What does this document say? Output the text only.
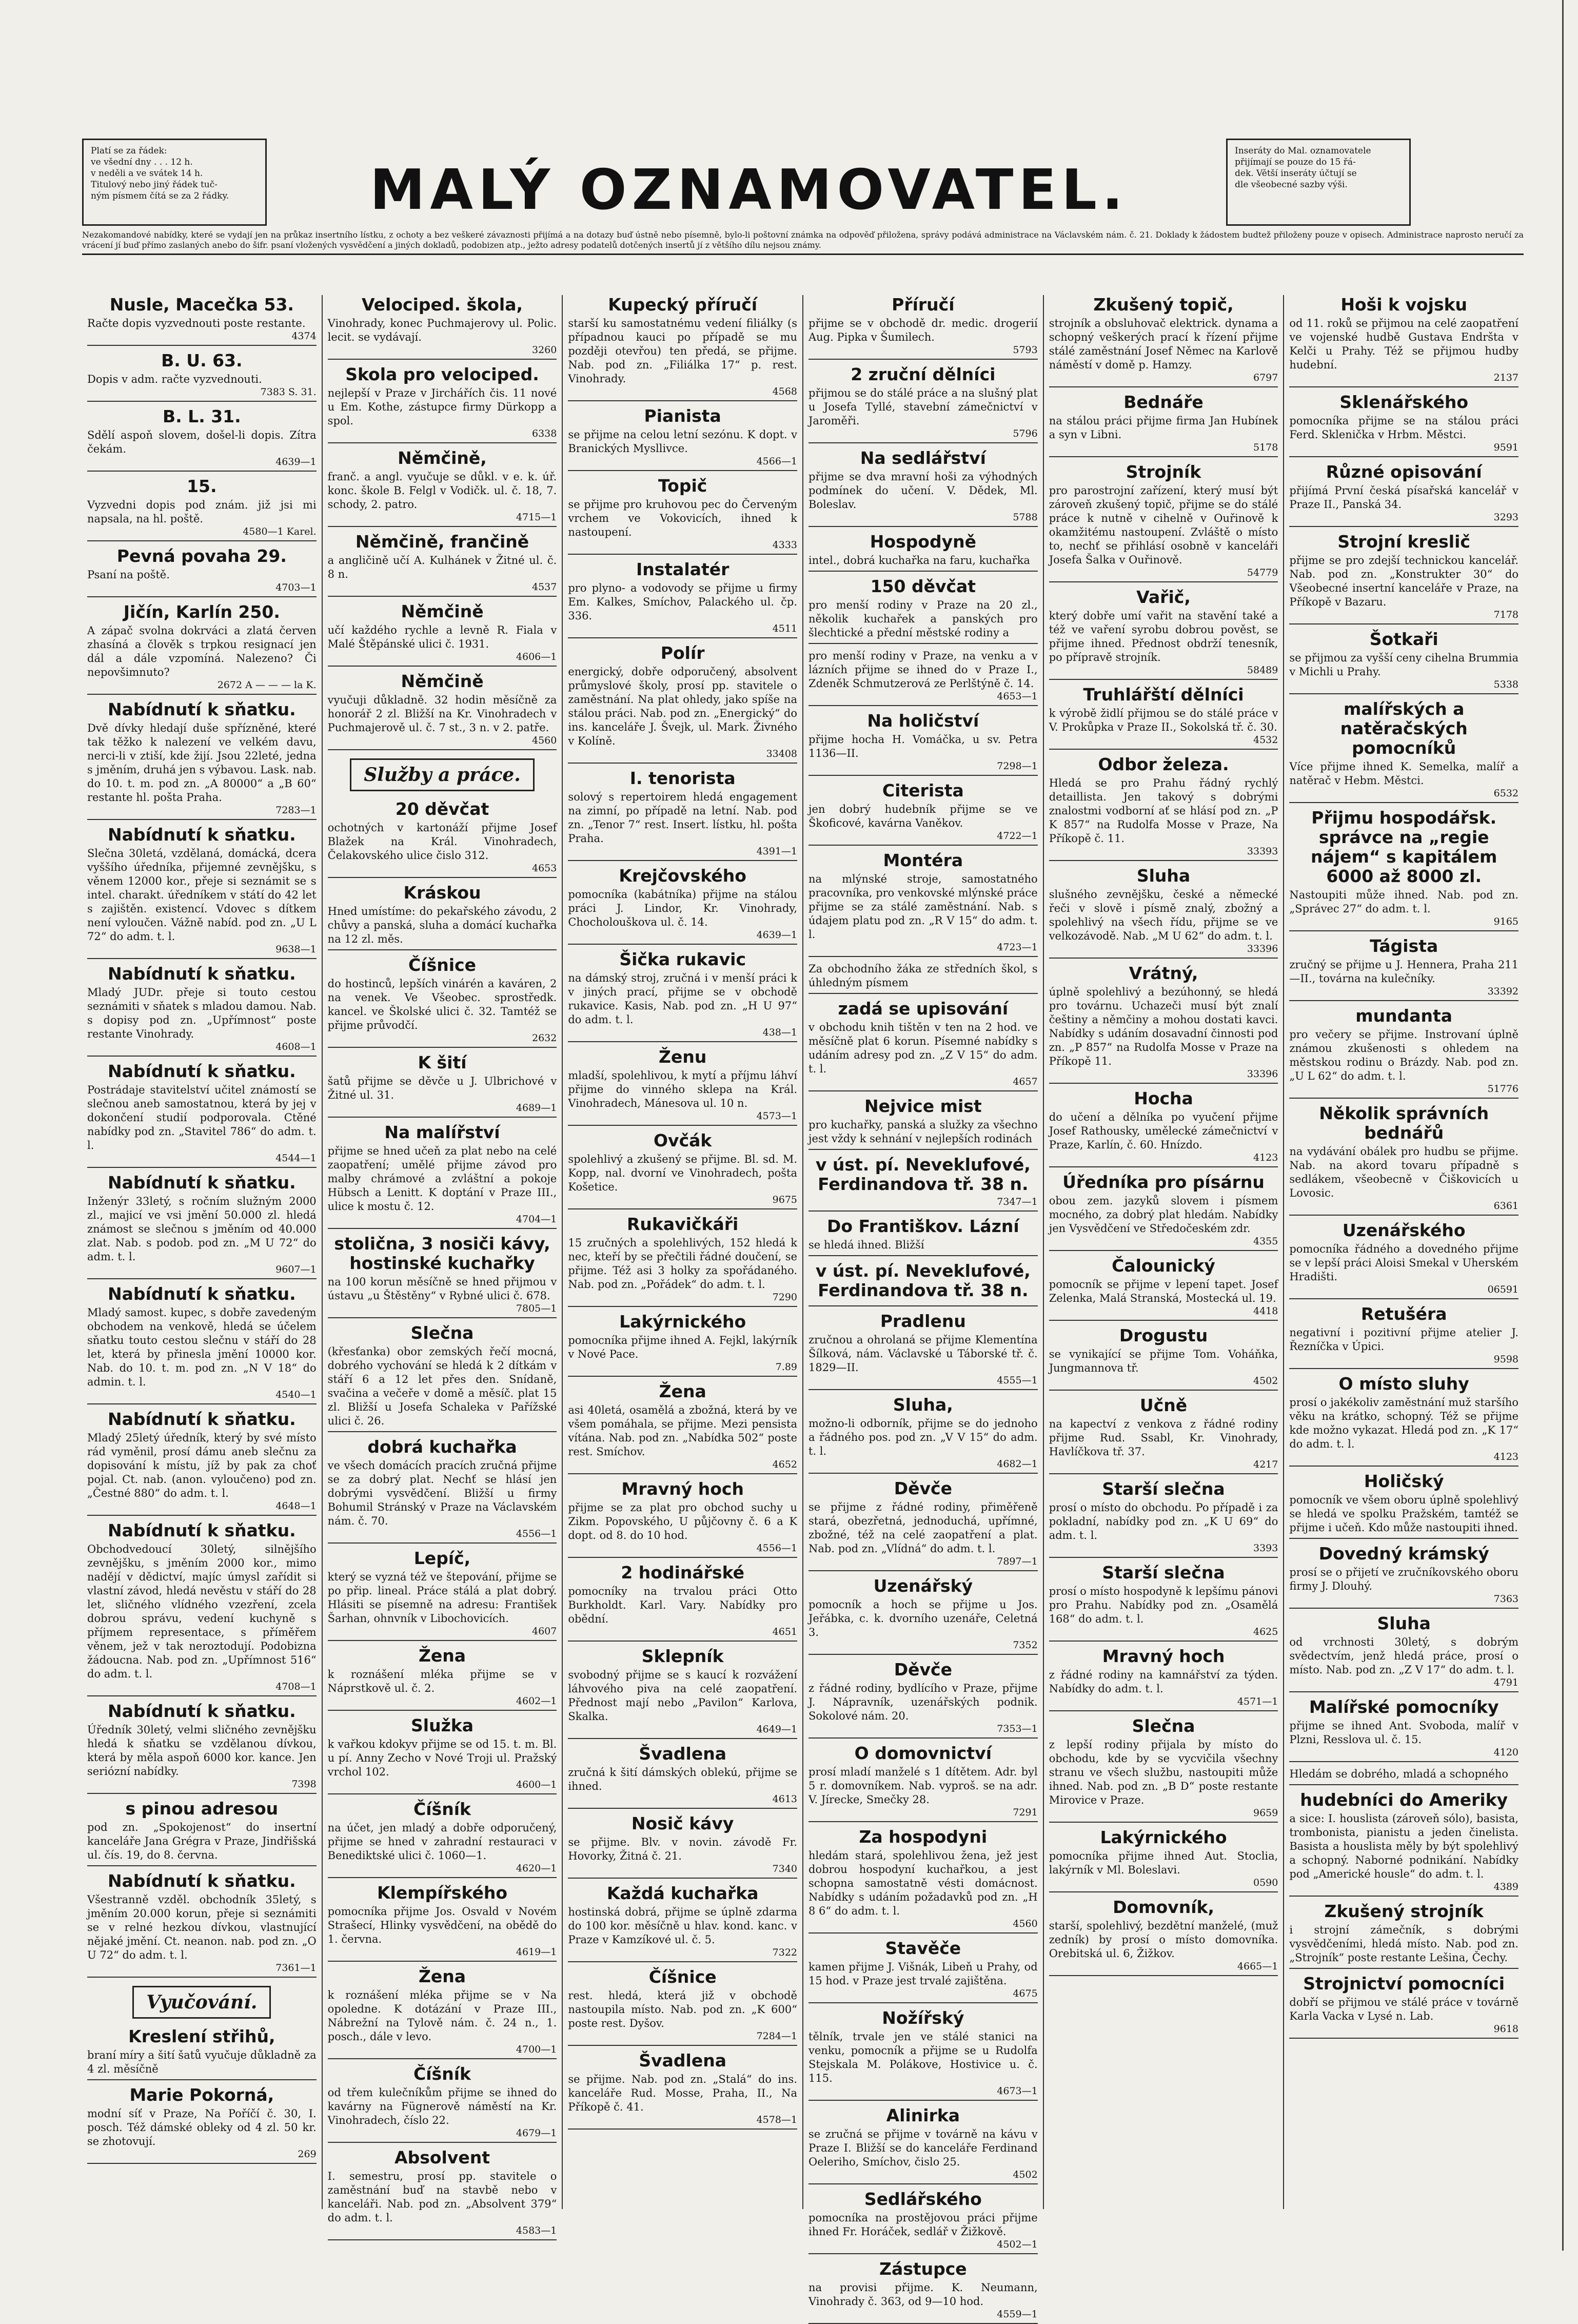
Platí se za řádek:
ve všední dny . . . 12 h.
v neděli a ve svátek 14 h.
Titulový nebo jiný řádek tuč-
ným písmem čítá se za 2 řádky.	MALÝ OZNAMOVATEL.
Inseráty do Mal. oznamovatele
přijímají se pouze do 15 řá-
dek. Větší inseráty účtují se
dle všeobecné sazby výši.
Nezakomandové nabídky, které se vydají jen na průkaz insertního lístku, z ochoty a bez veškeré závaznosti přijímá a na dotazy buď ústně nebo písemně, bylo-li poštovní známka na odpověď přiložena, správy podává administrace na Václavském nám. č. 21. Doklady k žádostem budtež přiloženy pouze v opisech. Administrace naprosto neručí za vrácení jí buď přímo zaslaných anebo do šifr. psaní vložených vysvědčení a jiných dokladů, podobizen atp., ježto adresy podatelů dotčených insertů jí z většího dílu nejsou známy.
Nusle, Macečka 53.

Račte dopis vyzvednouti poste restante.

4374
B. U. 63.

Dopis v adm. račte vyzvednouti.

7383 S. 31.
B. L. 31.

Sdělí aspoň slovem, došel-li dopis. Zítra čekám.

4639—1
15.

Vyzvedni dopis pod znám. již jsi mi napsala, na hl. poště.

4580—1 Karel.
Pevná povaha 29.

Psaní na poště.

4703—1
Jičín, Karlín 250.

A zápač svolna dokrváci a zlatá červen zhasíná a člověk s trpkou resignací jen dál a dále vzpomíná. Nalezeno? Či nepovšimnuto?

2672 A — — — la K.
Nabídnutí k sňatku.

Dvě dívky hledají duše spřízněné, které tak těžko k nalezení ve velkém davu, nerci-li v ztiší, kde žijí. Jsou 22leté, jedna s jměním, druhá jen s výbavou. Lask. nab. do 10. t. m. pod zn. „A 80000“ a „B 60“ restante hl. pošta Praha.

7283—1
Nabídnutí k sňatku.

Slečna 30letá, vzdělaná, domácká, dcera vyššího úředníka, přijemné zevnějšku, s věnem 12000 kor., přeje si seznámit se s intel. charakt. úředníkem v státí do 42 let s zajištěn. existencí. Vdovec s dítkem není vyloučen. Vážně nabíd. pod zn. „U L 72“ do adm. t. l.

9638—1
Nabídnutí k sňatku.

Mladý JUDr. přeje si touto cestou seznámiti v sňatek s mladou damou. Nab. s dopisy pod zn. „Upřímnost“ poste restante Vinohrady.

4608—1
Nabídnutí k sňatku.

Postrádaje stavitelství učitel známostí se slečnou aneb samostatnou, která by jej v dokončení studií podporovala. Ctěné nabídky pod zn. „Stavitel 786“ do adm. t. l.

4544—1
Nabídnutí k sňatku.

Inženýr 33letý, s ročním služným 2000 zl., majicí ve vsi jmění 50.000 zl. hledá známost se slečnou s jměním od 40.000 zlat. Nab. s podob. pod zn. „M U 72“ do adm. t. l.

9607—1
Nabídnutí k sňatku.

Mladý samost. kupec, s dobře zavedeným obchodem na venkově, hledá se účelem sňatku touto cestou slečnu v stáří do 28 let, která by přinesla jmění 10000 kor. Nab. do 10. t. m. pod zn. „N V 18“ do admin. t. l.

4540—1
Nabídnutí k sňatku.

Mladý 25letý úředník, který by své místo rád vyměnil, prosí dámu aneb slečnu za dopisování k místu, jíž by pak za choť pojal. Ct. nab. (anon. vyloučeno) pod zn. „Čestné 880“ do adm. t. l.

4648—1
Nabídnutí k sňatku.

Obchodvedoucí 30letý, silnějšího zevnějšku, s jměním 2000 kor., mimo nadějí v dědictví, majíc úmysl zařídit si vlastní závod, hledá nevěstu v stáří do 28 let, sličného vlídného vzezření, zcela dobrou správu, vedení kuchyně s příjmem representace, s příměřem věnem, jež v tak neroztodují. Podobizna žádoucna. Nab. pod zn. „Upřímnost 516“ do adm. t. l.

4708—1
Nabídnutí k sňatku.

Úředník 30letý, velmi sličného zevnějšku hledá k sňatku se vzdělanou dívkou, která by měla aspoň 6000 kor. kance. Jen seriózní nabídky.

7398
s pinou adresou

pod zn. „Spokojenost“ do insertní kanceláře Jana Grégra v Praze, Jindřišská ul. čís. 19, do 8. června.

Nabídnutí k sňatku.

Všestranně vzděl. obchodník 35letý, s jměním 20.000 korun, přeje si seznámiti se v relné hezkou dívkou, vlastnující nějaké jmění. Ct. neanon. nab. pod zn. „O U 72“ do adm. t. l.

7361—1
Vyučování.
Kreslení střihů,

braní míry a šití šatů vyučuje důkladně za 4 zl. měsíčně

Marie Pokorná,

modní síť v Praze, Na Poříčí č. 30, I. posch. Též dámské obleky od 4 zl. 50 kr. se zhotovují.

269
Velociped. škola,

Vinohrady, konec Puchmajerovy ul. Polic. lecit. se vydávají.

3260
Skola pro velociped.

nejlepší v Praze v Jirchářích čis. 11 nové u Em. Kothe, zástupce firmy Dürkopp a spol.

6338
Němčině,

franč. a angl. vyučuje se důkl. v e. k. úř. konc. škole B. Felgl v Vodičk. ul. č. 18, 7. schody, 2. patro.

4715—1
Němčině, frančině

a angličině učí A. Kulhánek v Žitné ul. č. 8 n.

4537
Němčině

učí každého rychle a levně R. Fiala v Malé Štěpánské ulici č. 1931.

4606—1
Němčině

vyučuji důkladně. 32 hodin měsíčně za honorář 2 zl. Bližší na Kr. Vinohradech v Puchmajerově ul. č. 7 st., 3 n. v 2. patře.

4560
Služby a práce.
20 děvčat

ochotných v kartonáží přijme Josef Blažek na Král. Vinohradech, Čelakovského ulice čislo 312.

4653
Kráskou

Hned umístíme: do pekařského závodu, 2 chůvy a panská, sluha a domácí kuchařka na 12 zl. měs.

Číšnice

do hostinců, lepších vinárén a kaváren, 2 na venek. Ve Všeobec. sprostředk. kancel. ve Školské ulici č. 32. Tamtéž se přijme průvodčí.

2632
K šití

šatů přijme se děvče u J. Ulbrichové v Žitné ul. 31.

4689—1
Na malířství

přijme se hned učeň za plat nebo na celé zaopatření; umělé přijme závod pro malby chrámové a zvláštní a pokoje Hübsch a Lenitt. K doptání v Praze III., ulice k mostu č. 12.

4704—1
stolična, 3 nosiči kávy, hostinské kuchařky

na 100 korun měsíčně se hned přijmou v ústavu „u Štěstěny“ v Rybné ulici č. 678.

7805—1
Slečna

(křesťanka) obor zemských řečí mocná, dobrého vychování se hledá k 2 dítkám v stáří 6 a 12 let přes den. Snídaně, svačina a večeře v domě a měsíč. plat 15 zl. Bližší u Josefa Schaleka v Pařížské ulici č. 26.

dobrá kuchařka

ve všech domácích pracích zručná přijme se za dobrý plat. Nechť se hlásí jen dobrými vysvědčení. Bližší u firmy Bohumil Stránský v Praze na Václavském nám. č. 70.

4556—1
Lepíč,

který se vyzná též ve štepování, přijme se po přip. lineal. Práce stálá a plat dobrý. Hlásiti se písemně na adresu: František Šarhan, ohnvník v Libochovicích.

4607
Žena

k roznášení mléka přijme se v Náprstkově ul. č. 2.

4602—1
Služka

k vařkou kdokyv přijme se od 15. t. m. Bl. u pí. Anny Zecho v Nové Troji ul. Pražský vrchol 102.

4600—1
Číšník

na účet, jen mladý a dobře odporučený, přijme se hned v zahradní restauraci v Benediktské ulici č. 1060—1.

4620—1
Klempířského

pomocníka přijme Jos. Osvald v Novém Strašecí, Hlinky vysvědčení, na obědě do 1. června.

4619—1
Žena

k roznášení mléka přijme se v Na opoledne. K dotázání v Praze III., Nábrežní na Tylově nám. č. 24 n., 1. posch., dále v levo.

4700—1
Číšník

od třem kulečníkům přijme se ihned do kavárny na Fügnerově náměstí na Kr. Vinohradech, číslo 22.

4679—1
Absolvent

I. semestru, prosí pp. stavitele o zaměstnání buď na stavbě nebo v kanceláři. Nab. pod zn. „Absolvent 379“ do adm. t. l.

4583—1
Kupecký příručí

starší ku samostatnému vedení filiálky (s případnou kauci po případě se mu později otevřou) ten předá, se přijme. Nab. pod zn. „Filiálka 17“ p. rest. Vinohrady.

4568
Pianista

se přijme na celou letní sezónu. K dopt. v Branických Mysllivce.

4566—1
Topič

se přijme pro kruhovou pec do Červeným vrchem ve Vokovicích, ihned k nastoupení.

4333
Instalatér

pro plyno- a vodovody se přijme u firmy Em. Kalkes, Smíchov, Palackého ul. čp. 336.

4511
Polír

energický, dobře odporučený, absolvent průmyslové školy, prosí pp. stavitele o zaměstnání. Na plat ohledy, jako spíše na stálou práci. Nab. pod zn. „Energický“ do ins. kanceláře J. Švejk, ul. Mark. Živného v Kolíně.

33408
I. tenorista

solový s repertoirem hledá engagement na zimní, po případě na letní. Nab. pod zn. „Tenor 7“ rest. Insert. lístku, hl. pošta Praha.

4391—1
Krejčovského

pomocníka (kabátníka) přijme na stálou práci J. Lindor, Kr. Vinohrady, Chocholouškova ul. č. 14.

4639—1
Šička rukavic

na dámský stroj, zručná i v menší práci k v jiných prací, přijme se v obchodě rukavice. Kasis, Nab. pod zn. „H U 97“ do adm. t. l.

438—1
Ženu

mladší, spolehlivou, k mytí a příjmu láhví přijme do vinného sklepa na Král. Vinohradech, Mánesova ul. 10 n.

4573—1
Ovčák

spolehlivý a zkušený se přijme. Bl. sd. M. Kopp, nal. dvorní ve Vinohradech, pošta Košetice.

9675
Rukavičkáři

15 zručných a spolehlivých, 152 hledá k nec, kteří by se přečtili řádné doučení, se přijme. Též asi 3 holky za spořádaného. Nab. pod zn. „Pořádek“ do adm. t. l.

7290
Lakýrnického

pomocníka přijme ihned A. Fejkl, lakýrník v Nové Pace.

7.89
Žena

asi 40letá, osamělá a zbožná, která by ve všem pomáhala, se přijme. Mezi pensista vítána. Nab. pod zn. „Nabídka 502“ poste rest. Smíchov.

4652
Mravný hoch

přijme se za plat pro obchod suchy u Zikm. Popovského, U půjčovny č. 6 a K dopt. od 8. do 10 hod.

4556—1
2 hodinářské

pomocníky na trvalou práci Otto Burkholdt. Karl. Vary. Nabídky pro obědní.

4651
Sklepník

svobodný přijme se s kaucí k rozvážení láhvového piva na celé zaopatření. Přednost mají nebo „Pavilon“ Karlova, Skalka.

4649—1
Švadlena

zručná k šití dámských oblekú, přijme se ihned.

4613
Nosič kávy

se přijme. Blv. v novin. závodě Fr. Hovorky, Žitná č. 21.

7340
Každá kuchařka

hostinská dobrá, přijme se úplně zdarma do 100 kor. měsíčně u hlav. kond. kanc. v Praze v Kamzíkové ul. č. 5.

7322
Číšnice

rest. hledá, která již v obchodě nastoupila místo. Nab. pod zn. „K 600“ poste rest. Dyšov.

7284—1
Švadlena

se přijme. Nab. pod zn. „Stalá“ do ins. kanceláře Rud. Mosse, Praha, II., Na Příkopě č. 41.

4578—1
Příručí

přijme se v obchodě dr. medic. drogerií Aug. Pipka v Šumilech.

5793
2 zruční dělníci

přijmou se do stálé práce a na slušný plat u Josefa Tyllé, stavební zámečnictví v Jaroměři.

5796
Na sedlářství

přijme se dva mravní hoši za výhodných podmínek do učení. V. Dědek, Ml. Boleslav.

5788
Hospodyně

intel., dobrá kuchařka na faru, kuchařka

150 děvčat

pro menší rodiny v Praze na 20 zl., několik kuchařek a panských pro šlechtické a přední městské rodiny a

pro menší rodiny v Praze, na venku a v lázních přijme se ihned do v Praze I., Zdeněk Schmutzerová ze Perlštýně č. 14.

4653—1
Na holičství

přijme hocha H. Vomáčka, u sv. Petra 1136—II.

7298—1
Citerista

jen dobrý hudebník přijme se ve Škoficové, kavárna Vaněkov.

4722—1
Montéra

na mlýnské stroje, samostatného pracovníka, pro venkovské mlýnské práce přijme se za stálé zaměstnání. Nab. s údajem platu pod zn. „R V 15“ do adm. t. l.

4723—1

Za obchodního žáka ze středních škol, s úhledným písmem

zadá se upisování

v obchodu knih tištěn v ten na 2 hod. ve měsíčně plat 6 korun. Písemné nabídky s udáním adresy pod zn. „Z V 15“ do adm. t. l.

4657
Nejvice mist

pro kuchařky, panská a služky za všechno jest vždy k sehnání v nejlepších rodinách

v úst. pí. Neveklufové, Ferdinandova tř. 38 n.
7347—1
Do Františkov. Lázní

se hledá ihned. Bližší

v úst. pí. Neveklufové, Ferdinandova tř. 38 n.
Pradlenu

zručnou a ohrolaná se přijme Klementína Šílková, nám. Václavské u Táborské tř. č. 1829—II.

4555—1
Sluha,

možno-li odborník, přijme se do jednoho a řádného pos. pod zn. „V V 15“ do adm. t. l.

4682—1
Děvče

se přijme z řádné rodiny, přiměřeně stará, obezřetná, jednoduchá, upřímné, zbožné, též na celé zaopatření a plat. Nab. pod zn. „Vlídná“ do adm. t. l.

7897—1
Uzenářský

pomocník a hoch se přijme u Jos. Jeřábka, c. k. dvorního uzenáře, Celetná 3.

7352
Děvče

z řádné rodiny, bydlícího v Praze, přijme J. Nápravník, uzenářských podnik. Sokolové nám. 20.

7353—1
O domovnictví

prosí mladí manželé s 1 dítětem. Adr. byl 5 r. domovníkem. Nab. vyproš. se na adr. V. Jírecke, Smečky 28.

7291
Za hospodyni

hledám stará, spolehlivou žena, jež jest dobrou hospodyní kuchařkou, a jest schopna samostatně vésti domácnost. Nabídky s udáním požadavků pod zn. „H 8 6“ do adm. t. l.

4560
Stavěče

kamen přijme J. Višnák, Libeň u Prahy, od 15 hod. v Praze jest trvalé zajištěna.

4675
Nožířský

tělník, trvale jen ve stálé stanici na venku, pomocník a přijme se u Rudolfa Stejskala M. Polákove, Hostivice u. č. 115.

4673—1
Alinirka

se zručná se přijme v továrně na kávu v Praze I. Bližší se do kanceláře Ferdinand Oeleriho, Smíchov, čislo 25.

4502
Sedlářského

pomocníka na prostějovou práci přijme ihned Fr. Horáček, sedlář v Žižkově.

4502—1
Zástupce

na provisi přijme. K. Neumann, Vinohrady č. 363, od 9—10 hod.

4559—1
Zkušený topič,

strojník a obsluhovač elektrick. dynama a schopný veškerých prací k řízení přijme stálé zaměstnání Josef Němec na Karlově náměstí v domě p. Hamzy.

6797
Bednáře

na stálou práci přijme firma Jan Hubínek a syn v Libni.

5178
Strojník

pro parostrojní zařízení, který musí být zároveň zkušený topič, přijme se do stálé práce k nutně v cihelně v Ouřinově k okamžitému nastoupení. Zvláště o místo to, nechť se přihlásí osobně v kanceláři Josefa Šalka v Ouřinově.

54779
Vařič,

který dobře umí vařit na stavění také a též ve vaření syrobu dobrou pověst, se přijme ihned. Přednost obdrží tenesník, po přípravě strojník.

58489
Truhlářští dělníci

k výrobě židlí přijmou se do stálé práce v V. Prokůpka v Praze II., Sokolská tř. č. 30.

4532
Odbor železa.

Hledá se pro Prahu řádný rychlý detaillista. Jen takový s dobrými znalostmi vodborní ať se hlásí pod zn. „P K 857“ na Rudolfa Mosse v Praze, Na Příkopě č. 11.

33393
Sluha

slušného zevnějšku, české a německé řeči v slově i písmě znalý, zbožný a spolehlivý na všech řídu, přijme se ve velkozávodě. Nab. „M U 62“ do adm. t. l.

33396
Vrátný,

úplně spolehlivý a bezúhonný, se hledá pro továrnu. Uchazeči musí být znalí češtiny a němčiny a mohou dostati kavci. Nabídky s udáním dosavadní činnosti pod zn. „P 857“ na Rudolfa Mosse v Praze na Příkopě 11.

33396
Hocha

do učení a dělníka po vyučení přijme Josef Rathousky, umělecké zámečnictví v Praze, Karlín, č. 60. Hnízdo.

4123
Úředníka pro písárnu

obou zem. jazyků slovem i písmem mocného, za dobrý plat hledám. Nabídky jen Vysvědčení ve Středočeském zdr.

4355
Čalounický

pomocník se přijme v lepení tapet. Josef Zelenka, Malá Stranská, Mostecká ul. 19.

4418
Drogustu

se vynikající se přijme Tom. Voháňka, Jungmannova tř.

4502
Učně

na kapectví z venkova z řádné rodiny přijme Rud. Ssabl, Kr. Vinohrady, Havlíčkova tř. 37.

4217
Starší slečna

prosí o místo do obchodu. Po případě i za pokladní, nabídky pod zn. „K U 69“ do adm. t. l.

3393
Starší slečna

prosí o místo hospodyně k lepšímu pánovi pro Prahu. Nabídky pod zn. „Osamělá 168“ do adm. t. l.

4625
Mravný hoch

z řádné rodiny na kamnářství za týden. Nabídky do adm. t. l.

4571—1
Slečna

z lepší rodiny přijala by místo do obchodu, kde by se vycvičila všechny stranu ve všech službu, nastoupiti může ihned. Nab. pod zn. „B D“ poste restante Mirovice v Praze.

9659
Lakýrnického

pomocníka přijme ihned Aut. Stoclia, lakýrník v Ml. Boleslavi.

0590
Domovník,

starší, spolehlivý, bezdětní manželé, (muž zedník) by prosí o místo domovníka. Orebitská ul. 6, Žižkov.

4665—1
Hoši k vojsku

od 11. roků se přijmou na celé zaopatření ve vojenské hudbě Gustava Endršta v Kelči u Prahy. Též se přijmou hudby hudební.

2137
Sklenářského

pomocníka přijme se na stálou práci Ferd. Sklenička v Hrbm. Městci.

9591
Různé opisování

přijímá První česká písařská kancelář v Praze II., Panská 34.

3293
Strojní kreslič

přijme se pro zdejší technickou kancelář. Nab. pod zn. „Konstrukter 30“ do Všeobecné insertní kanceláře v Praze, na Příkopě v Bazaru.

7178
Šotkaři

se přijmou za vyšší ceny cihelna Brummia v Michli u Prahy.

5338
malířských a natěračských pomocníků

Více přijme ihned K. Semelka, malíř a natěrač v Hebm. Městci.

6532
Přijmu hospodářsk. správce na „regie nájem“ s kapitálem 6000 až 8000 zl.

Nastoupiti může ihned. Nab. pod zn. „Správec 27“ do adm. t. l.

9165
Tágista

zručný se přijme u J. Hennera, Praha 211—II., továrna na kulečníky.

33392
mundanta

pro večery se přijme. Instrovaní úplně známou zkušenosti s ohledem na městskou rodinu o Brázdy. Nab. pod zn. „U L 62“ do adm. t. l.

51776
Několik správních bednářů

na vydávání obálek pro hudbu se přijme. Nab. na akord tovaru případně s sedlákem, všeobecně v Čiškovicích u Lovosic.

6361
Uzenářského

pomocníka řádného a dovedného přijme se v lepší práci Aloisi Smekal v Uherském Hradišti.

06591
Retušéra

negativní i pozitivní přijme atelier J. Řezníčka v Úpici.

9598
O místo sluhy

prosí o jakékoliv zaměstnání muž staršího věku na krátko, schopný. Též se přijme kde možno vykazat. Hledá pod zn. „K 17“ do adm. t. l.

4123
Holičský

pomocník ve všem oboru úplně spolehlivý se hledá ve spolku Pražském, tamtéž se přijme i učeň. Kdo může nastoupiti ihned.

Dovedný krámský

prosí se o přijetí ve zručníkovského oboru firmy J. Dlouhý.

7363
Sluha

od vrchnosti 30letý, s dobrým svědectvím, jenž hledá práce, prosí o místo. Nab. pod zn. „Z V 17“ do adm. t. l.

4791
Malířské pomocníky

přijme se ihned Ant. Svoboda, malíř v Plzni, Resslova ul. č. 15.

4120

Hledám se dobrého, mladá a schopného

hudebníci do Ameriky

a sice: I. houslista (zároveň sólo), basista, trombonista, pianistu a jeden činelista. Basista a houslista měly by být spolehlivý a schopný. Naborné podnikání. Nabídky pod „Americké housle“ do adm. t. l.

4389
Zkušený strojník

i strojní zámečník, s dobrými vysvědčeními, hledá místo. Nab. pod zn. „Strojník“ poste restante Lešina, Čechy.

Strojnictví pomocníci

dobří se přijmou ve stálé práce v továrně Karla Vacka v Lysé n. Lab.

9618
